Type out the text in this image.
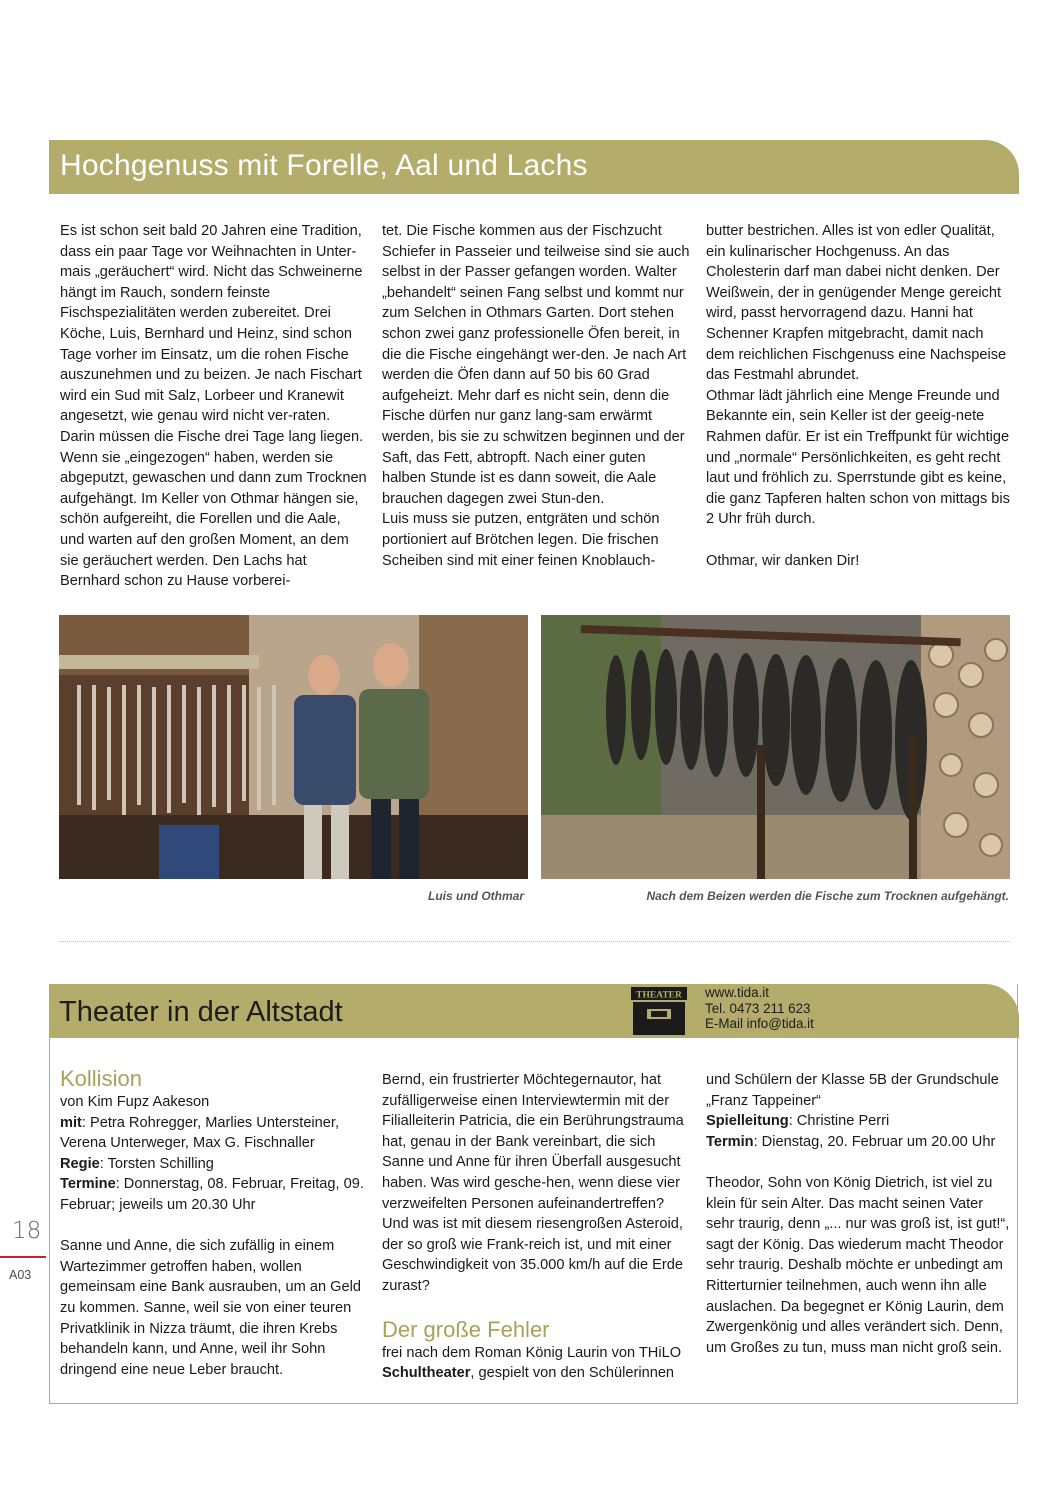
Hochgenuss mit Forelle, Aal und Lachs

Es ist schon seit bald 20 Jahren eine Tradition, dass ein paar Tage vor Weihnachten in Unter-mais „geräuchert“ wird. Nicht das Schweinerne hängt im Rauch, sondern feinste Fischspezialitäten werden zubereitet. Drei Köche, Luis, Bernhard und Heinz, sind schon Tage vorher im Einsatz, um die rohen Fische auszunehmen und zu beizen. Je nach Fischart wird ein Sud mit Salz, Lorbeer und Kranewit angesetzt, wie genau wird nicht ver-raten. Darin müssen die Fische drei Tage lang liegen. Wenn sie „eingezogen“ haben, werden sie abgeputzt, gewaschen und dann zum Trocknen aufgehängt. Im Keller von Othmar hängen sie, schön aufgereiht, die Forellen und die Aale, und warten auf den großen Moment, an dem sie geräuchert werden. Den Lachs hat Bernhard schon zu Hause vorberei-

tet. Die Fische kommen aus der Fischzucht Schiefer in Passeier und teilweise sind sie auch selbst in der Passer gefangen worden. Walter „behandelt“ seinen Fang selbst und kommt nur zum Selchen in Othmars Garten. Dort stehen schon zwei ganz professionelle Öfen bereit, in die die Fische eingehängt wer-den. Je nach Art werden die Öfen dann auf 50 bis 60 Grad aufgeheizt. Mehr darf es nicht sein, denn die Fische dürfen nur ganz lang-sam erwärmt werden, bis sie zu schwitzen beginnen und der Saft, das Fett, abtropft. Nach einer guten halben Stunde ist es dann soweit, die Aale brauchen dagegen zwei Stun-den.

Luis muss sie putzen, entgräten und schön portioniert auf Brötchen legen. Die frischen Scheiben sind mit einer feinen Knoblauch-

butter bestrichen. Alles ist von edler Qualität, ein kulinarischer Hochgenuss. An das Cholesterin darf man dabei nicht denken. Der Weißwein, der in genügender Menge gereicht wird, passt hervorragend dazu. Hanni hat Schenner Krapfen mitgebracht, damit nach dem reichlichen Fischgenuss eine Nachspeise das Festmahl abrundet.

Othmar lädt jährlich eine Menge Freunde und Bekannte ein, sein Keller ist der geeig-nete Rahmen dafür. Er ist ein Treffpunkt für wichtige und „normale“ Persönlichkeiten, es geht recht laut und fröhlich zu. Sperrstunde gibt es keine, die ganz Tapferen halten schon von mittags bis 2 Uhr früh durch.

Othmar, wir danken Dir!

Luis und Othmar	Nach dem Beizen werden die Fische zum Trocknen aufgehängt.
Theater in der Altstadt
THEATER www.tida.it
Tel. 0473 211 623
E-Mail info@tida.it
Kollision

von Kim Fupz Aakeson

mit: Petra Rohregger, Marlies Untersteiner, Verena Unterweger, Max G. Fischnaller

Regie: Torsten Schilling

Termine: Donnerstag, 08. Februar, Freitag, 09. Februar; jeweils um 20.30 Uhr

Sanne und Anne, die sich zufällig in einem Wartezimmer getroffen haben, wollen gemeinsam eine Bank ausrauben, um an Geld zu kommen. Sanne, weil sie von einer teuren Privatklinik in Nizza träumt, die ihren Krebs behandeln kann, und Anne, weil ihr Sohn dringend eine neue Leber braucht.

Bernd, ein frustrierter Möchtegernautor, hat zufälligerweise einen Interviewtermin mit der Filialleiterin Patricia, die ein Berührungstrauma hat, genau in der Bank vereinbart, die sich Sanne und Anne für ihren Überfall ausgesucht haben. Was wird gesche-hen, wenn diese vier verzweifelten Personen aufeinandertreffen? Und was ist mit diesem riesengroßen Asteroid, der so groß wie Frank-reich ist, und mit einer Geschwindigkeit von 35.000 km/h auf die Erde zurast?

Der große Fehler

frei nach dem Roman König Laurin von THiLO

Schultheater, gespielt von den Schülerinnen

und Schülern der Klasse 5B der Grundschule „Franz Tappeiner“

Spielleitung: Christine Perri

Termin: Dienstag, 20. Februar um 20.00 Uhr

Theodor, Sohn von König Dietrich, ist viel zu klein für sein Alter. Das macht seinen Vater sehr traurig, denn „... nur was groß ist, ist gut!“, sagt der König. Das wiederum macht Theodor sehr traurig. Deshalb möchte er unbedingt am Ritterturnier teilnehmen, auch wenn ihn alle auslachen. Da begegnet er König Laurin, dem Zwergenkönig und alles verändert sich. Denn, um Großes zu tun, muss man nicht groß sein.

18
A03
